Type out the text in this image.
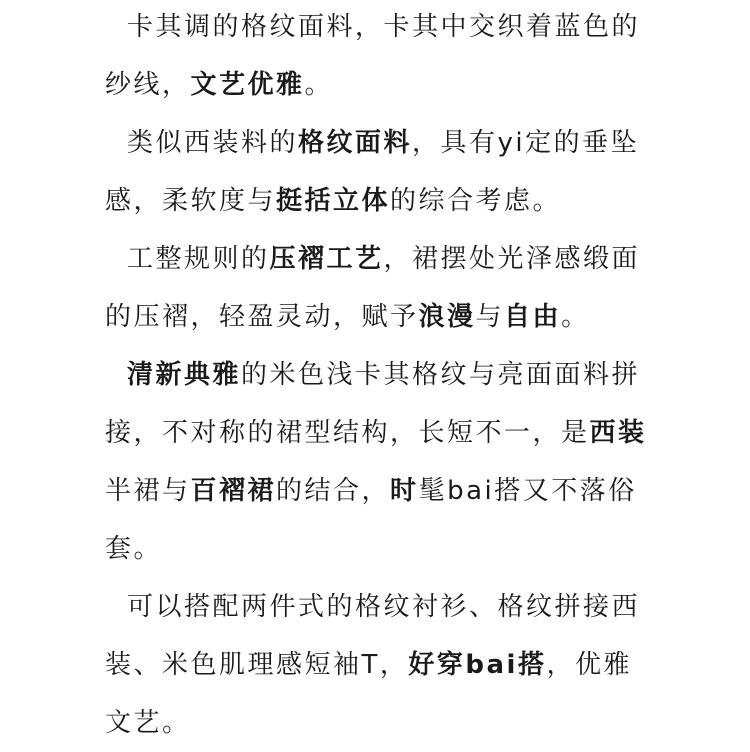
卡其调的格纹面料，卡其中交织着蓝色的
纱线，文艺优雅。
类似西装料的格纹面料，具有yi定的垂坠
感，柔软度与挺括立体的综合考虑。
工整规则的压褶工艺，裙摆处光泽感缎面
的压褶，轻盈灵动，赋予浪漫与自由。
清新典雅的米色浅卡其格纹与亮面面料拼
接，不对称的裙型结构，长短不一，是西装
半裙与百褶裙的结合，时髦bai搭又不落俗
套。
可以搭配两件式的格纹衬衫、格纹拼接西
装、米色肌理感短袖T，好穿bai搭，优雅
文艺。
